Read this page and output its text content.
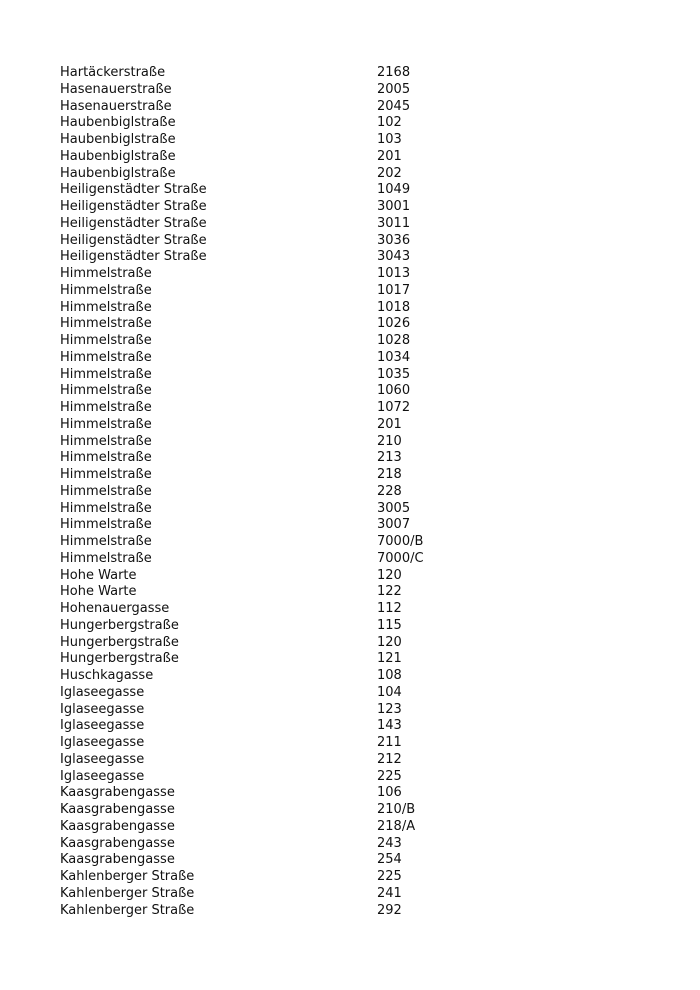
Hartäckerstraße	2168
Hasenauerstraße	2005
Hasenauerstraße	2045
Haubenbiglstraße	102
Haubenbiglstraße	103
Haubenbiglstraße	201
Haubenbiglstraße	202
Heiligenstädter Straße	1049
Heiligenstädter Straße	3001
Heiligenstädter Straße	3011
Heiligenstädter Straße	3036
Heiligenstädter Straße	3043
Himmelstraße	1013
Himmelstraße	1017
Himmelstraße	1018
Himmelstraße	1026
Himmelstraße	1028
Himmelstraße	1034
Himmelstraße	1035
Himmelstraße	1060
Himmelstraße	1072
Himmelstraße	201
Himmelstraße	210
Himmelstraße	213
Himmelstraße	218
Himmelstraße	228
Himmelstraße	3005
Himmelstraße	3007
Himmelstraße	7000/B
Himmelstraße	7000/C
Hohe Warte	120
Hohe Warte	122
Hohenauergasse	112
Hungerbergstraße	115
Hungerbergstraße	120
Hungerbergstraße	121
Huschkagasse	108
Iglaseegasse	104
Iglaseegasse	123
Iglaseegasse	143
Iglaseegasse	211
Iglaseegasse	212
Iglaseegasse	225
Kaasgrabengasse	106
Kaasgrabengasse	210/B
Kaasgrabengasse	218/A
Kaasgrabengasse	243
Kaasgrabengasse	254
Kahlenberger Straße	225
Kahlenberger Straße	241
Kahlenberger Straße	292
